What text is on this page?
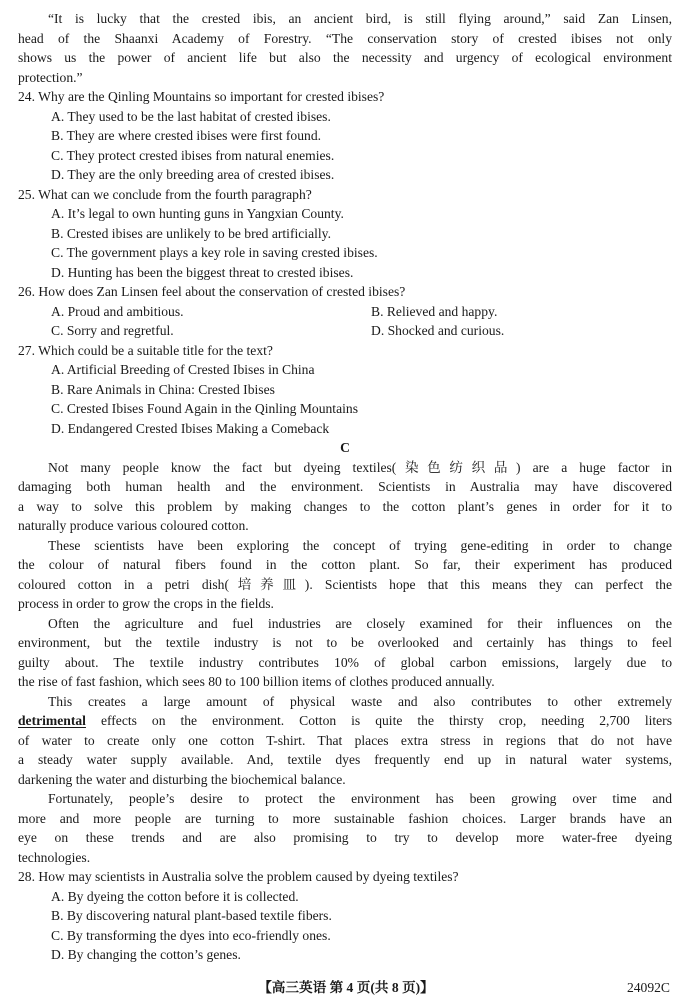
“It is lucky that the crested ibis, an ancient bird, is still flying around,” said Zan Linsen,
head of the Shaanxi Academy of Forestry. “The conservation story of crested ibises not only
shows us the power of ancient life but also the necessity and urgency of ecological environment
protection.”
24. Why are the Qinling Mountains so important for crested ibises?
A. They used to be the last habitat of crested ibises.
B. They are where crested ibises were first found.
C. They protect crested ibises from natural enemies.
D. They are the only breeding area of crested ibises.
25. What can we conclude from the fourth paragraph?
A. It’s legal to own hunting guns in Yangxian County.
B. Crested ibises are unlikely to be bred artificially.
C. The government plays a key role in saving crested ibises.
D. Hunting has been the biggest threat to crested ibises.
26. How does Zan Linsen feel about the conservation of crested ibises?
A. Proud and ambitious.	B. Relieved and happy.
C. Sorry and regretful.	D. Shocked and curious.
27. Which could be a suitable title for the text?
A. Artificial Breeding of Crested Ibises in China
B. Rare Animals in China: Crested Ibises
C. Crested Ibises Found Again in the Qinling Mountains
D. Endangered Crested Ibises Making a Comeback
C
Not many people know the fact but dyeing textiles(染色纺织品) are a huge factor in
damaging both human health and the environment. Scientists in Australia may have discovered
a way to solve this problem by making changes to the cotton plant’s genes in order for it to
naturally produce various coloured cotton.
These scientists have been exploring the concept of trying gene-editing in order to change
the colour of natural fibers found in the cotton plant. So far, their experiment has produced
coloured cotton in a petri dish(培养皿). Scientists hope that this means they can perfect the
process in order to grow the crops in the fields.
Often the agriculture and fuel industries are closely examined for their influences on the
environment, but the textile industry is not to be overlooked and certainly has things to feel
guilty about. The textile industry contributes 10% of global carbon emissions, largely due to
the rise of fast fashion, which sees 80 to 100 billion items of clothes produced annually.
This creates a large amount of physical waste and also contributes to other extremely
detrimental effects on the environment. Cotton is quite the thirsty crop, needing 2,700 liters
of water to create only one cotton T-shirt. That places extra stress in regions that do not have
a steady water supply available. And, textile dyes frequently end up in natural water systems,
darkening the water and disturbing the biochemical balance.
Fortunately, people’s desire to protect the environment has been growing over time and
more and more people are turning to more sustainable fashion choices. Larger brands have an
eye on these trends and are also promising to try to develop more water-free dyeing
technologies.
28. How may scientists in Australia solve the problem caused by dyeing textiles?
A. By dyeing the cotton before it is collected.
B. By discovering natural plant-based textile fibers.
C. By transforming the dyes into eco-friendly ones.
D. By changing the cotton’s genes.
【高三英语 第 4 页(共 8 页)】	24092C
